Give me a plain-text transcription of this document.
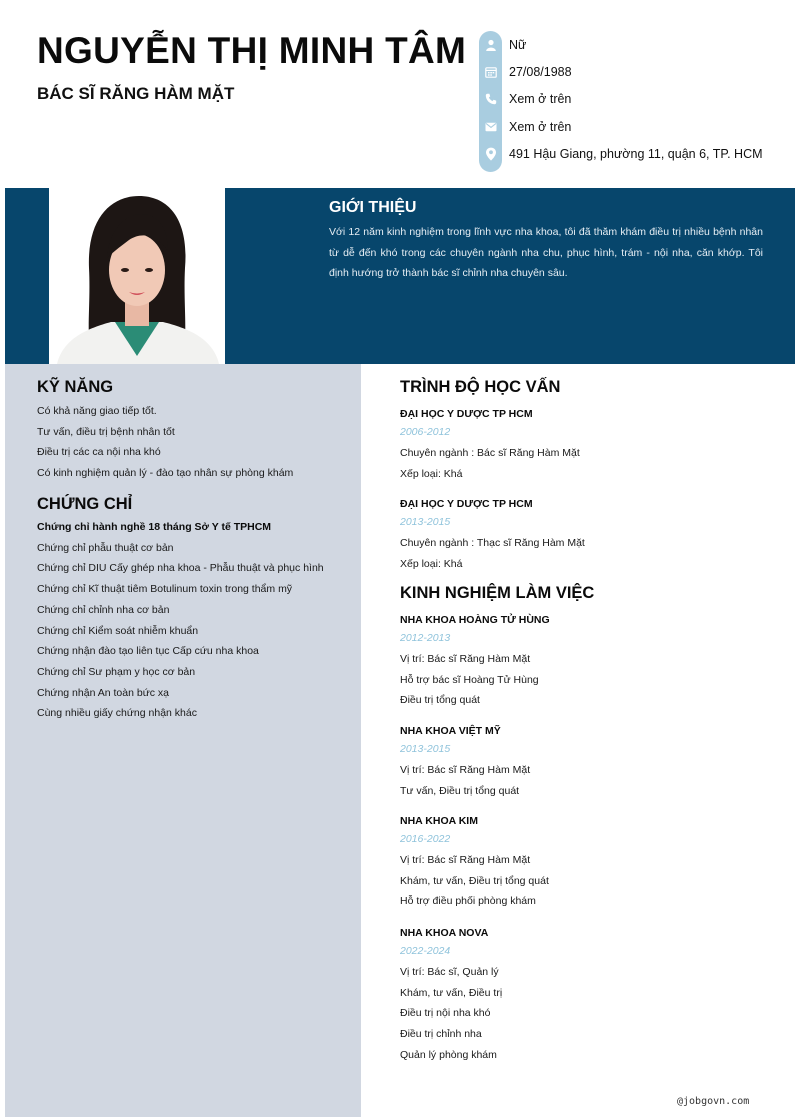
NGUYỄN THỊ MINH TÂM
BÁC SĨ RĂNG HÀM MẶT
Nữ
27/08/1988
Xem ở trên
Xem ở trên
491 Hậu Giang, phường 11, quận 6, TP. HCM
GIỚI THIỆU
Với 12 năm kinh nghiệm trong lĩnh vực nha khoa, tôi đã thăm khám điều trị nhiều bệnh nhân từ dễ đến khó trong các chuyên ngành nha chu, phục hình, trám - nội nha, căn khớp. Tôi định hướng trở thành bác sĩ chỉnh nha chuyên sâu.
KỸ NĂNG
Có khả năng giao tiếp tốt.
Tư vấn, điều trị bệnh nhân tốt
Điều trị các ca nội nha khó
Có kinh nghiệm quản lý - đào tạo nhân sự phòng khám
CHỨNG CHỈ
Chứng chỉ hành nghề 18 tháng Sở Y tế TPHCM
Chứng chỉ phẫu thuật cơ bản
Chứng chỉ DIU Cấy ghép nha khoa - Phẫu thuật và phục hình
Chứng chỉ Kĩ thuật tiêm Botulinum toxin trong thẩm mỹ
Chứng chỉ chỉnh nha cơ bản
Chứng chỉ Kiểm soát nhiễm khuẩn
Chứng nhận đào tạo liên tục Cấp cứu nha khoa
Chứng chỉ Sư phạm y học cơ bản
Chứng nhận An toàn bức xạ
Cùng nhiều giấy chứng nhận khác
TRÌNH ĐỘ HỌC VẤN
ĐẠI HỌC Y DƯỢC TP HCM
2006-2012
Chuyên ngành : Bác sĩ Răng Hàm Mặt
Xếp loại: Khá
ĐẠI HỌC Y DƯỢC TP HCM
2013-2015
Chuyên ngành : Thạc sĩ Răng Hàm Mặt
Xếp loại: Khá
KINH NGHIỆM LÀM VIỆC
NHA KHOA HOÀNG TỬ HÙNG
2012-2013
Vị trí: Bác sĩ Răng Hàm Mặt
Hỗ trợ bác sĩ Hoàng Tử Hùng
Điều trị tổng quát
NHA KHOA VIỆT MỸ
2013-2015
Vị trí: Bác sĩ Răng Hàm Mặt
Tư vấn, Điều trị tổng quát
NHA KHOA KIM
2016-2022
Vị trí: Bác sĩ Răng Hàm Mặt
Khám, tư vấn, Điều trị tổng quát
Hỗ trợ điều phối phòng khám
NHA KHOA NOVA
2022-2024
Vị trí: Bác sĩ, Quản lý
Khám, tư vấn, Điều trị
Điều trị nội nha khó
Điều trị chỉnh nha
Quản lý phòng khám
@jobgovn.com
